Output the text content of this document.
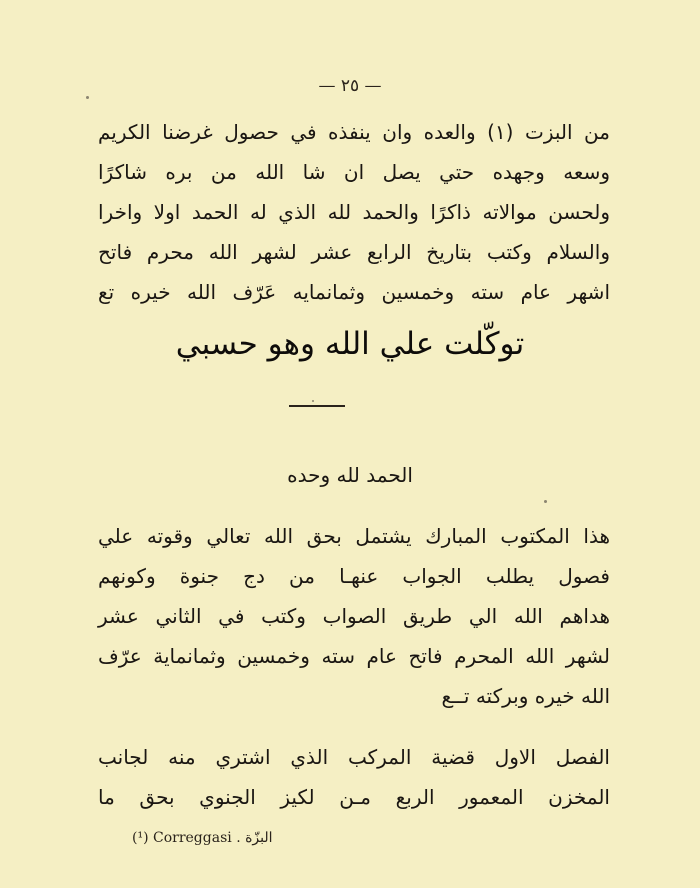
— ٢٥ —
من البزت (١) والعده وان ينفذه في حصول غرضنا الكريم
وسعه وجهده حتي يصل ان شا الله من بره شاكرًا
ولحسن موالاته ذاكرًا والحمد لله الذي له الحمد اولا واخرا
والسلام وكتب بتاريخ الرابع عشر لشهر الله محرم فاتح
اشهر عام سته وخمسين وثمانمايه عَرّف الله خيره تع
توكّلت علي الله وهو حسبي
الحمد لله وحده
هذا المكتوب المبارك يشتمل بحق الله تعالي وقوته علي
فصول يطلب الجواب عنهـا من دج جنوة وكونهم
هداهم الله الي طريق الصواب وكتب في الثاني عشر
لشهر الله المحرم فاتح عام سته وخمسين وثمانماية عرّف
الله خيره وبركته تــع
الفصل الاول قضية المركب الذي اشتري منه لجانب
المخزن المعمور الربع مـن لكيز الجنوي بحق ما
(¹) Correggasi البزّة .
